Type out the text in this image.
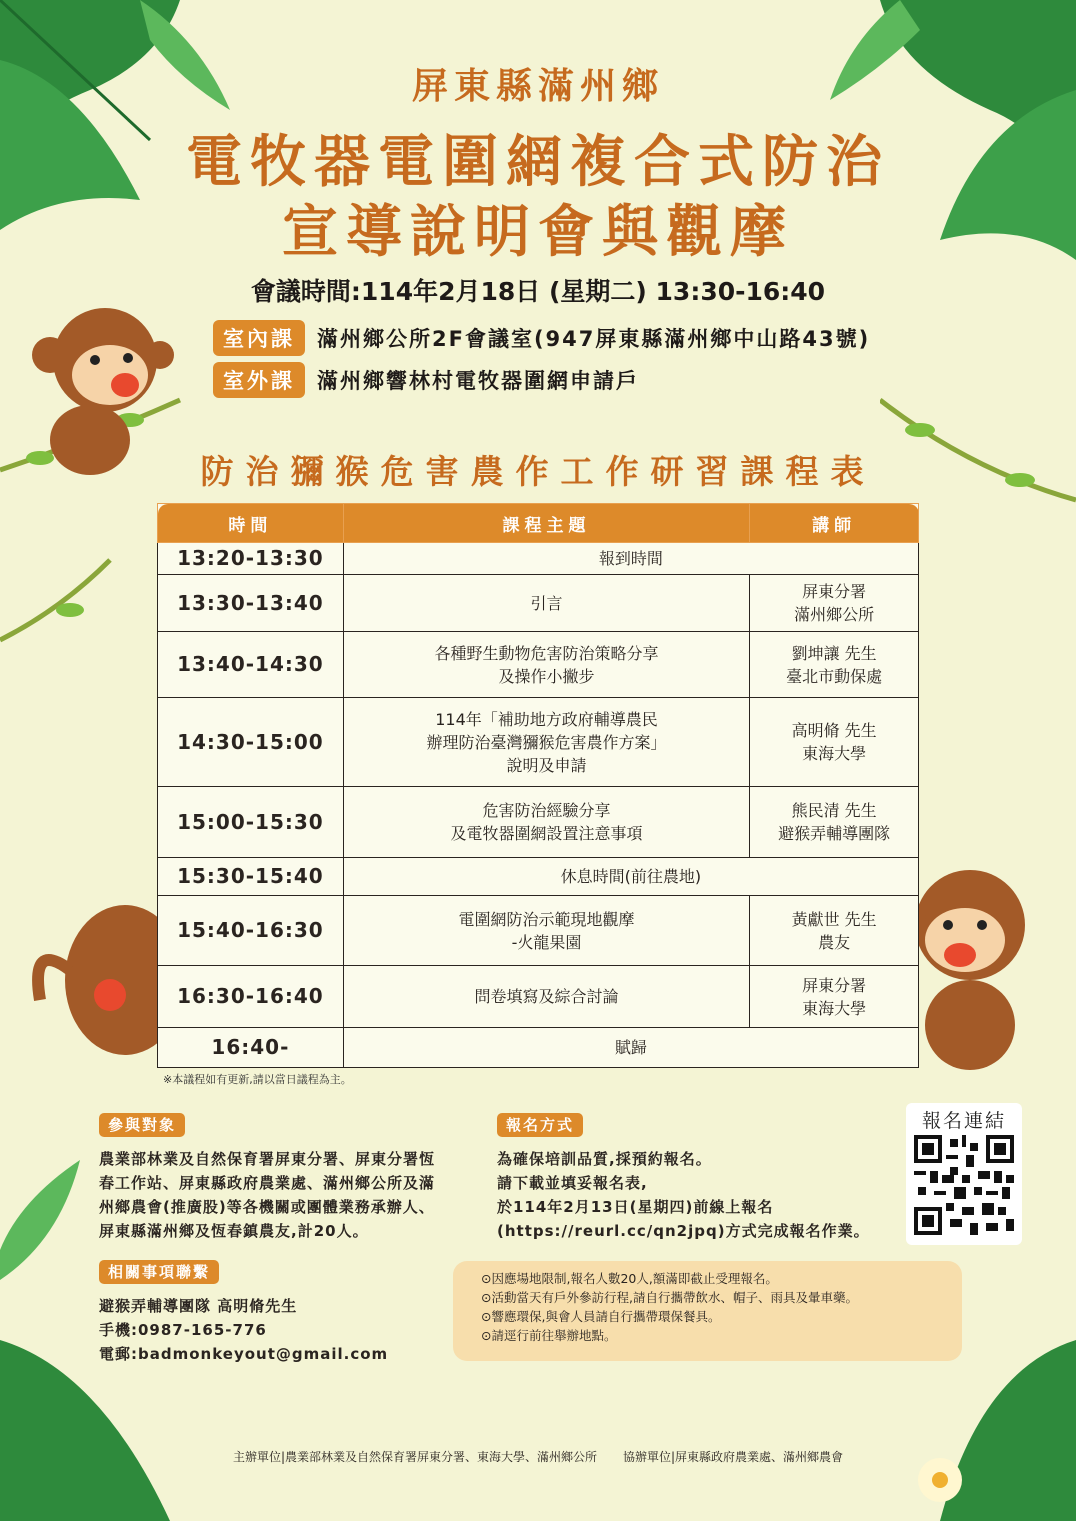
屏東縣滿州鄉
電牧器電圍網複合式防治
宣導說明會與觀摩
會議時間:114年2月18日 (星期二) 13:30-16:40
室內課	滿州鄉公所2F會議室(947屏東縣滿州鄉中山路43號)
室外課	滿州鄉響林村電牧器圍網申請戶
防治獼猴危害農作工作研習課程表
時間	課程主題	講師
13:20-13:30	報到時間	
13:30-13:40	引言	屏東分署
滿州鄉公所
13:40-14:30	各種野生動物危害防治策略分享
及操作小撇步	劉坤讓 先生
臺北市動保處
14:30-15:00	114年「補助地方政府輔導農民
辦理防治臺灣獼猴危害農作方案」
說明及申請	高明脩 先生
東海大學
15:00-15:30	危害防治經驗分享
及電牧器圍網設置注意事項	熊民清 先生
避猴弄輔導團隊
15:30-15:40	休息時間(前往農地)	
15:40-16:30	電圍網防治示範現地觀摩
-火龍果園	黃獻世 先生
農友
16:30-16:40	問卷填寫及綜合討論	屏東分署
東海大學
16:40-	賦歸	
※本議程如有更新,請以當日議程為主。
參與對象
農業部林業及自然保育署屏東分署、屏東分署恆
春工作站、屏東縣政府農業處、滿州鄉公所及滿
州鄉農會(推廣股)等各機關或團體業務承辦人、
屏東縣滿州鄉及恆春鎮農友,計20人。
報名方式
為確保培訓品質,採預約報名。
請下載並填妥報名表,
於114年2月13日(星期四)前線上報名
(https://reurl.cc/qn2jpq)方式完成報名作業。
報名連結
相關事項聯繫
避猴弄輔導團隊 高明脩先生
手機:0987-165-776
電郵:badmonkeyout@gmail.com
⊙因應場地限制,報名人數20人,額滿即截止受理報名。
⊙活動當天有戶外參訪行程,請自行攜帶飲水、帽子、雨具及暈車藥。
⊙響應環保,與會人員請自行攜帶環保餐具。
⊙請逕行前往舉辦地點。
主辦單位|農業部林業及自然保育署屏東分署、東海大學、滿州鄉公所 協辦單位|屏東縣政府農業處、滿州鄉農會
